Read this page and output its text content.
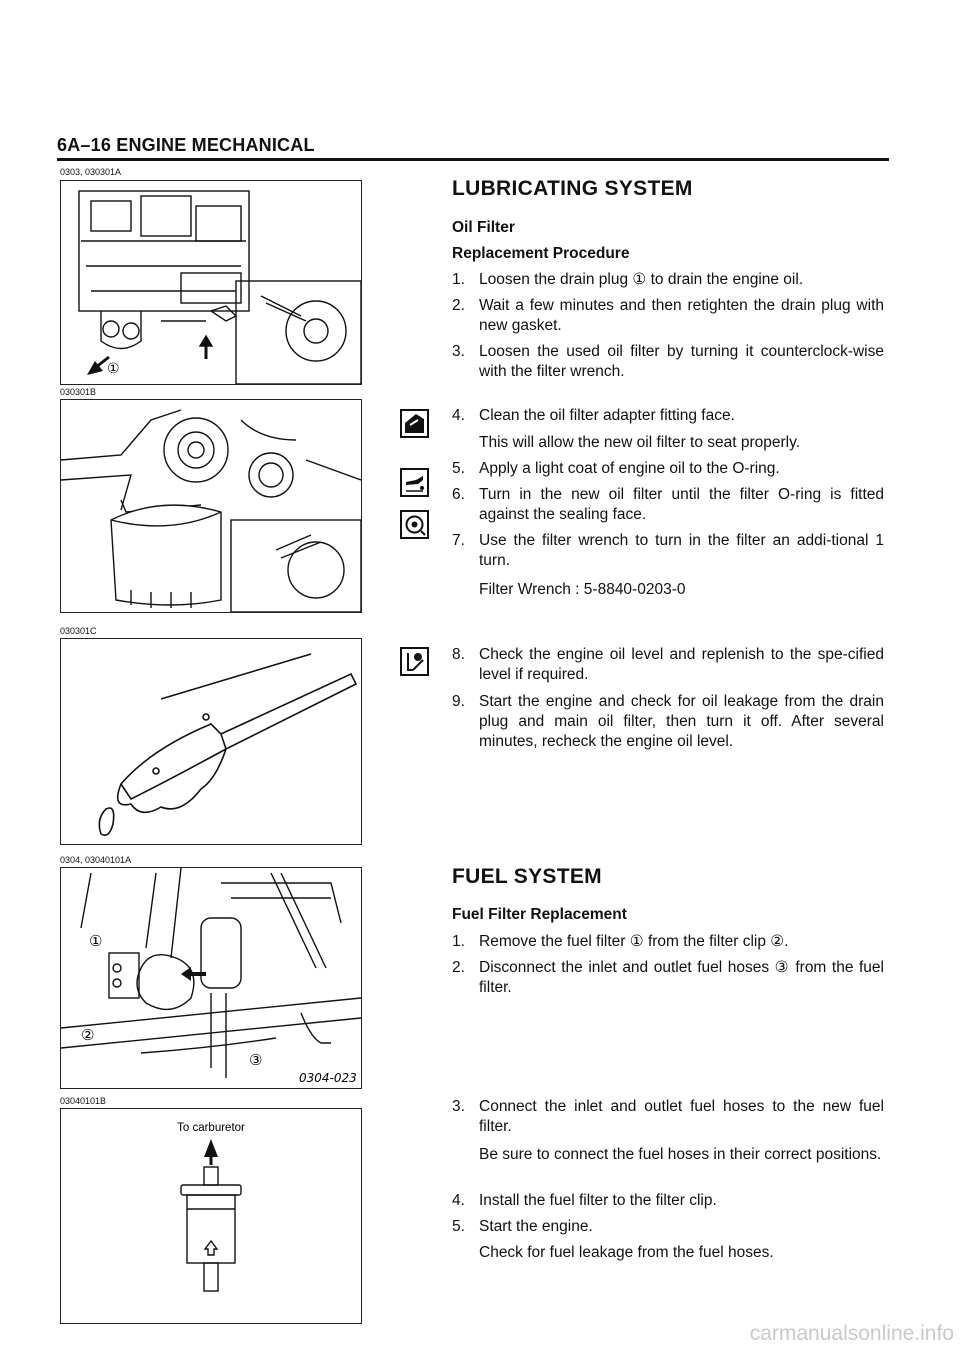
6A–16 ENGINE MECHANICAL
0303, 030301A
①
030301B
030301C
0304, 03040101A
①
②
③
0304-023
03040101B
To carburetor
LUBRICATING SYSTEM
Oil Filter
Replacement Procedure
1. Loosen the drain plug ① to drain the engine oil.
2. Wait a few minutes and then retighten the drain plug with new gasket.
3. Loosen the used oil filter by turning it counterclock-wise with the filter wrench.
4. Clean the oil filter adapter fitting face.
This will allow the new oil filter to seat properly.
5. Apply a light coat of engine oil to the O-ring.
6. Turn in the new oil filter until the filter O-ring is fitted against the sealing face.
7. Use the filter wrench to turn in the filter an addi-tional 1 turn.
Filter Wrench : 5-8840-0203-0
8. Check the engine oil level and replenish to the spe-cified level if required.
9. Start the engine and check for oil leakage from the drain plug and main oil filter, then turn it off. After several minutes, recheck the engine oil level.
FUEL SYSTEM
Fuel Filter Replacement
1. Remove the fuel filter ① from the filter clip ②.
2. Disconnect the inlet and outlet fuel hoses ③ from the fuel filter.
3. Connect the inlet and outlet fuel hoses to the new fuel filter.
Be sure to connect the fuel hoses in their correct positions.
4. Install the fuel filter to the filter clip.
5. Start the engine.
Check for fuel leakage from the fuel hoses.
carmanualsonline.info
